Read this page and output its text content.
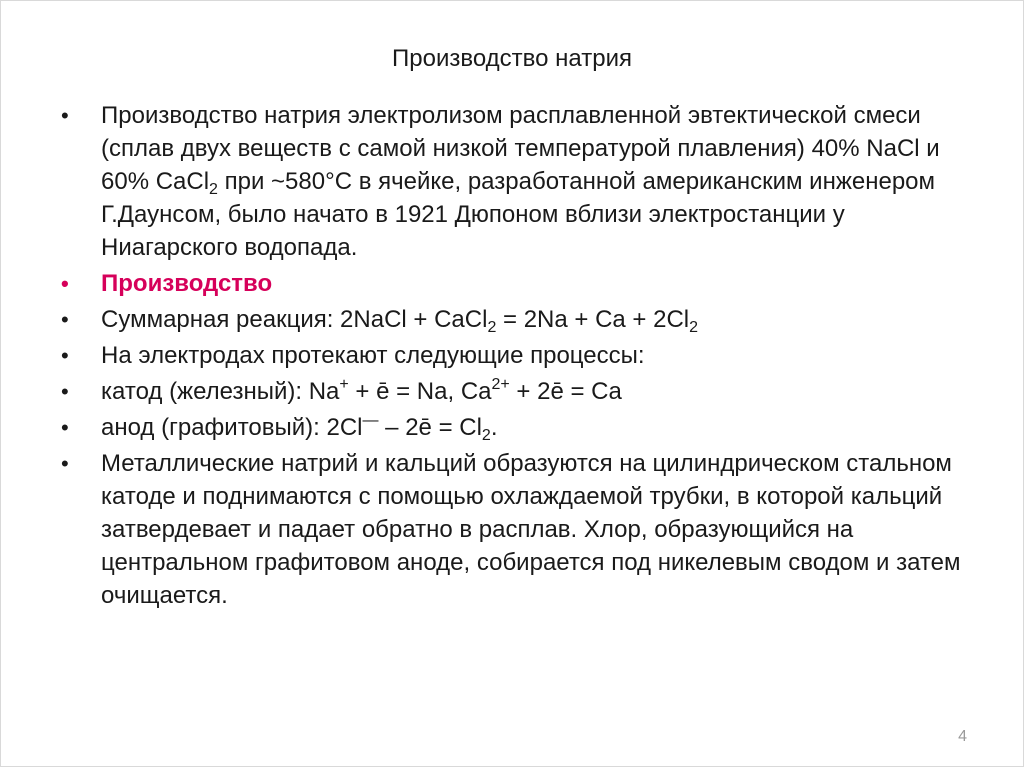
Производство натрия
• Производство натрия электролизом расплавленной эвтектической смеси (сплав двух веществ с самой низкой температурой плавления) 40% NaCl и 60% CaCl$_2$ при ~580°C в ячейке, разработанной американским инженером Г.Даунсом, было начато в 1921 Дюпоном вблизи электростанции у Ниагарского водопада.
• Производство
• Суммарная реакция: 2NaCl + CaCl$_2$ = $2Na + Ca + 2Cl_2$
• На электродах протекают следующие процессы:
• катод (железный): Na+ + ē = Na, $Ca^{2+}$ + 2ē = Ca
• анод (графитовый): 2Cl— – 2ē = $Cl_2$.
• Металлические натрий и кальций образуются на цилиндрическом стальном катоде и поднимаются с помощью охлаждаемой трубки, в которой кальций затвердевает и падает обратно в расплав. Хлор, образующийся на центральном графитовом аноде, собирается под никелевым сводом и затем очищается.
4
